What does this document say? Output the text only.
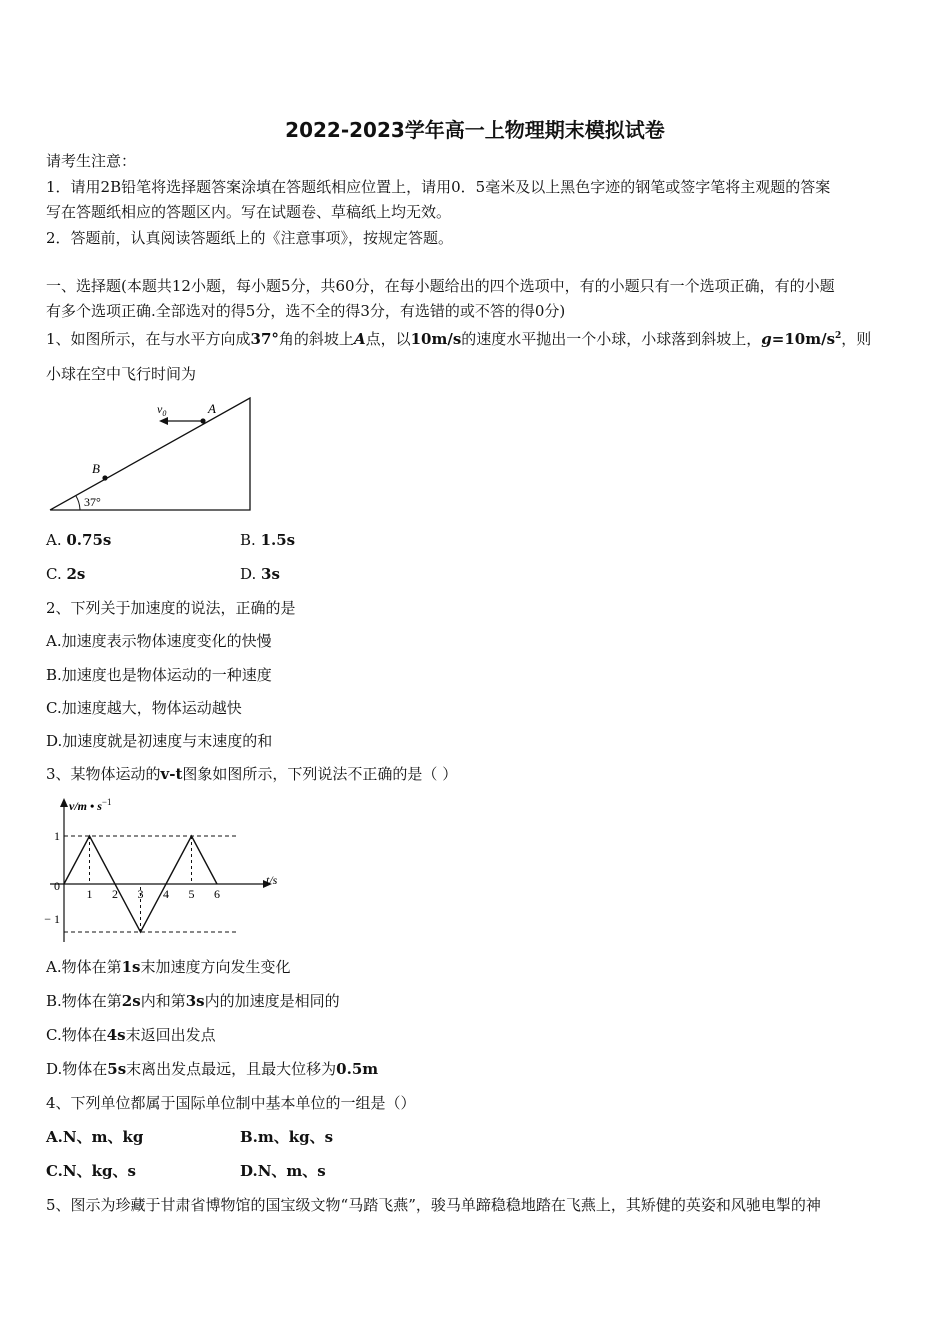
2022-2023学年高一上物理期末模拟试卷
请考生注意：
1．请用2B铅笔将选择题答案涂填在答题纸相应位置上，请用0．5毫米及以上黑色字迹的钢笔或签字笔将主观题的答案
写在答题纸相应的答题区内。写在试题卷、草稿纸上均无效。
2．答题前，认真阅读答题纸上的《注意事项》，按规定答题。
一、选择题(本题共12小题，每小题5分，共60分，在每小题给出的四个选项中，有的小题只有一个选项正确，有的小题
有多个选项正确.全部选对的得5分，选不全的得3分，有选错的或不答的得0分)
1、如图所示，在与水平方向成37°角的斜坡上A点，以10m/s的速度水平抛出一个小球，小球落到斜坡上，$g=10m/s^2$，则
小球在空中飞行时间为
37°
$v_0$	A
B
A. 0.75s	B. 1.5s
C. 2s	D. 3s
2、下列关于加速度的说法，正确的是
A.加速度表示物体速度变化的快慢
B.加速度也是物体运动的一种速度
C.加速度越大，物体运动越快
D.加速度就是初速度与末速度的和
3、某物体运动的v-t图象如图所示，下列说法不正确的是（ ）
v/m • $s^{-1}$
t/s
0
1
− 1
1 2 3 4 5 6
A.物体在第1s末加速度方向发生变化
B.物体在第2s内和第3s内的加速度是相同的
C.物体在4s末返回出发点
D.物体在5s末离出发点最远，且最大位移为0.5m
4、下列单位都属于国际单位制中基本单位的一组是（）
A.N、m、kg	B.m、kg、s
C.N、kg、s	D.N、m、s
5、图示为珍藏于甘肃省博物馆的国宝级文物“马踏飞燕”，骏马单蹄稳稳地踏在飞燕上，其矫健的英姿和风驰电掣的神
